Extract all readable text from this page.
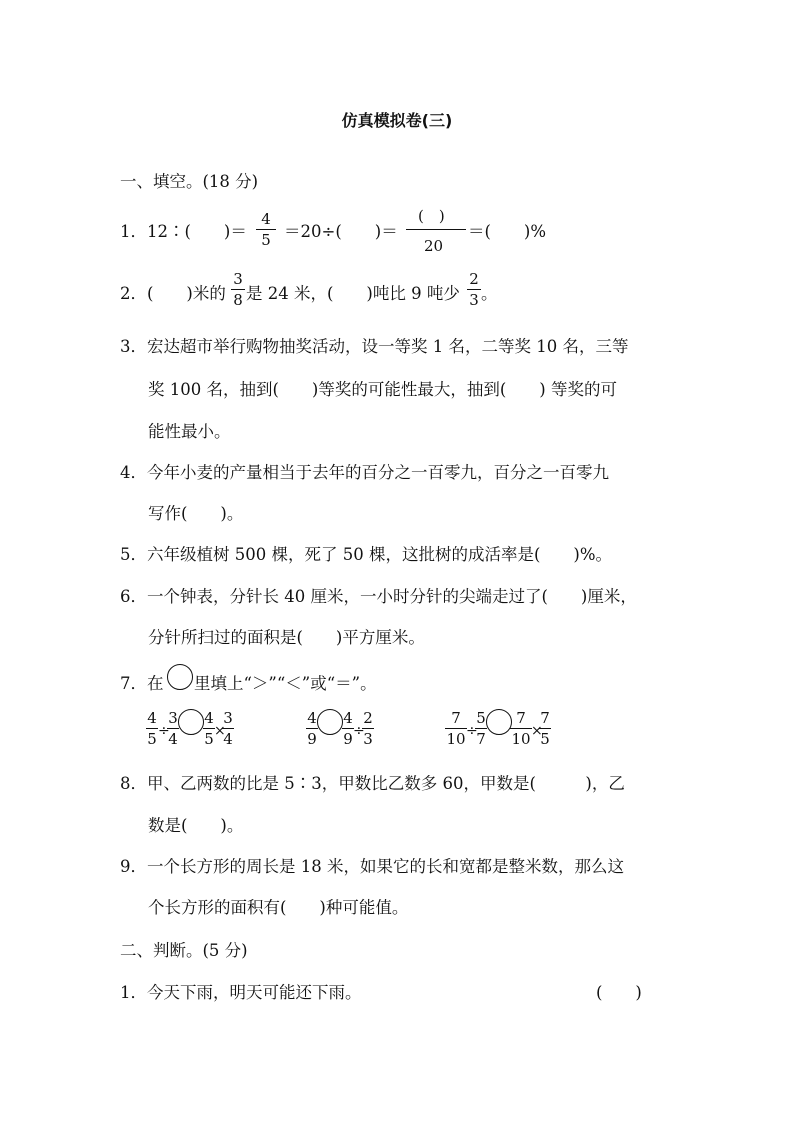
仿真模拟卷(三)
一、填空。(18 分)
1．12∶(　　)＝
4
5 ＝20÷(　　)＝
(　)
20
＝(　　)%
2．(　　)米的
3
8 是 24 米，(　　)吨比 9 吨少
2
3 。
3．宏达超市举行购物抽奖活动，设一等奖 1 名，二等奖 10 名，三等
奖 100 名，抽到(　　)等奖的可能性最大，抽到(　　) 等奖的可
能性最小。
4．今年小麦的产量相当于去年的百分之一百零九，百分之一百零九
写作(　　)。
5．六年级植树 500 棵，死了 50 棵，这批树的成活率是(　　)%。
6．一个钟表，分针长 40 厘米，一小时分针的尖端走过了(　　)厘米，
分针所扫过的面积是(　　)平方厘米。
7．在 里填上“＞”“＜”或“＝”。
4
5 ÷
3
4
4
5 ×
3
4
4
9
4
9 ÷
2
3
7
10 ÷
5
7
7
10 ×
7
5
8．甲、乙两数的比是 5∶3，甲数比乙数多 60，甲数是(　　　)，乙
数是(　　)。
9．一个长方形的周长是 18 米，如果它的长和宽都是整米数，那么这
个长方形的面积有(　　)种可能值。
二、判断。(5 分)
1．今天下雨，明天可能还下雨。	(　　)
